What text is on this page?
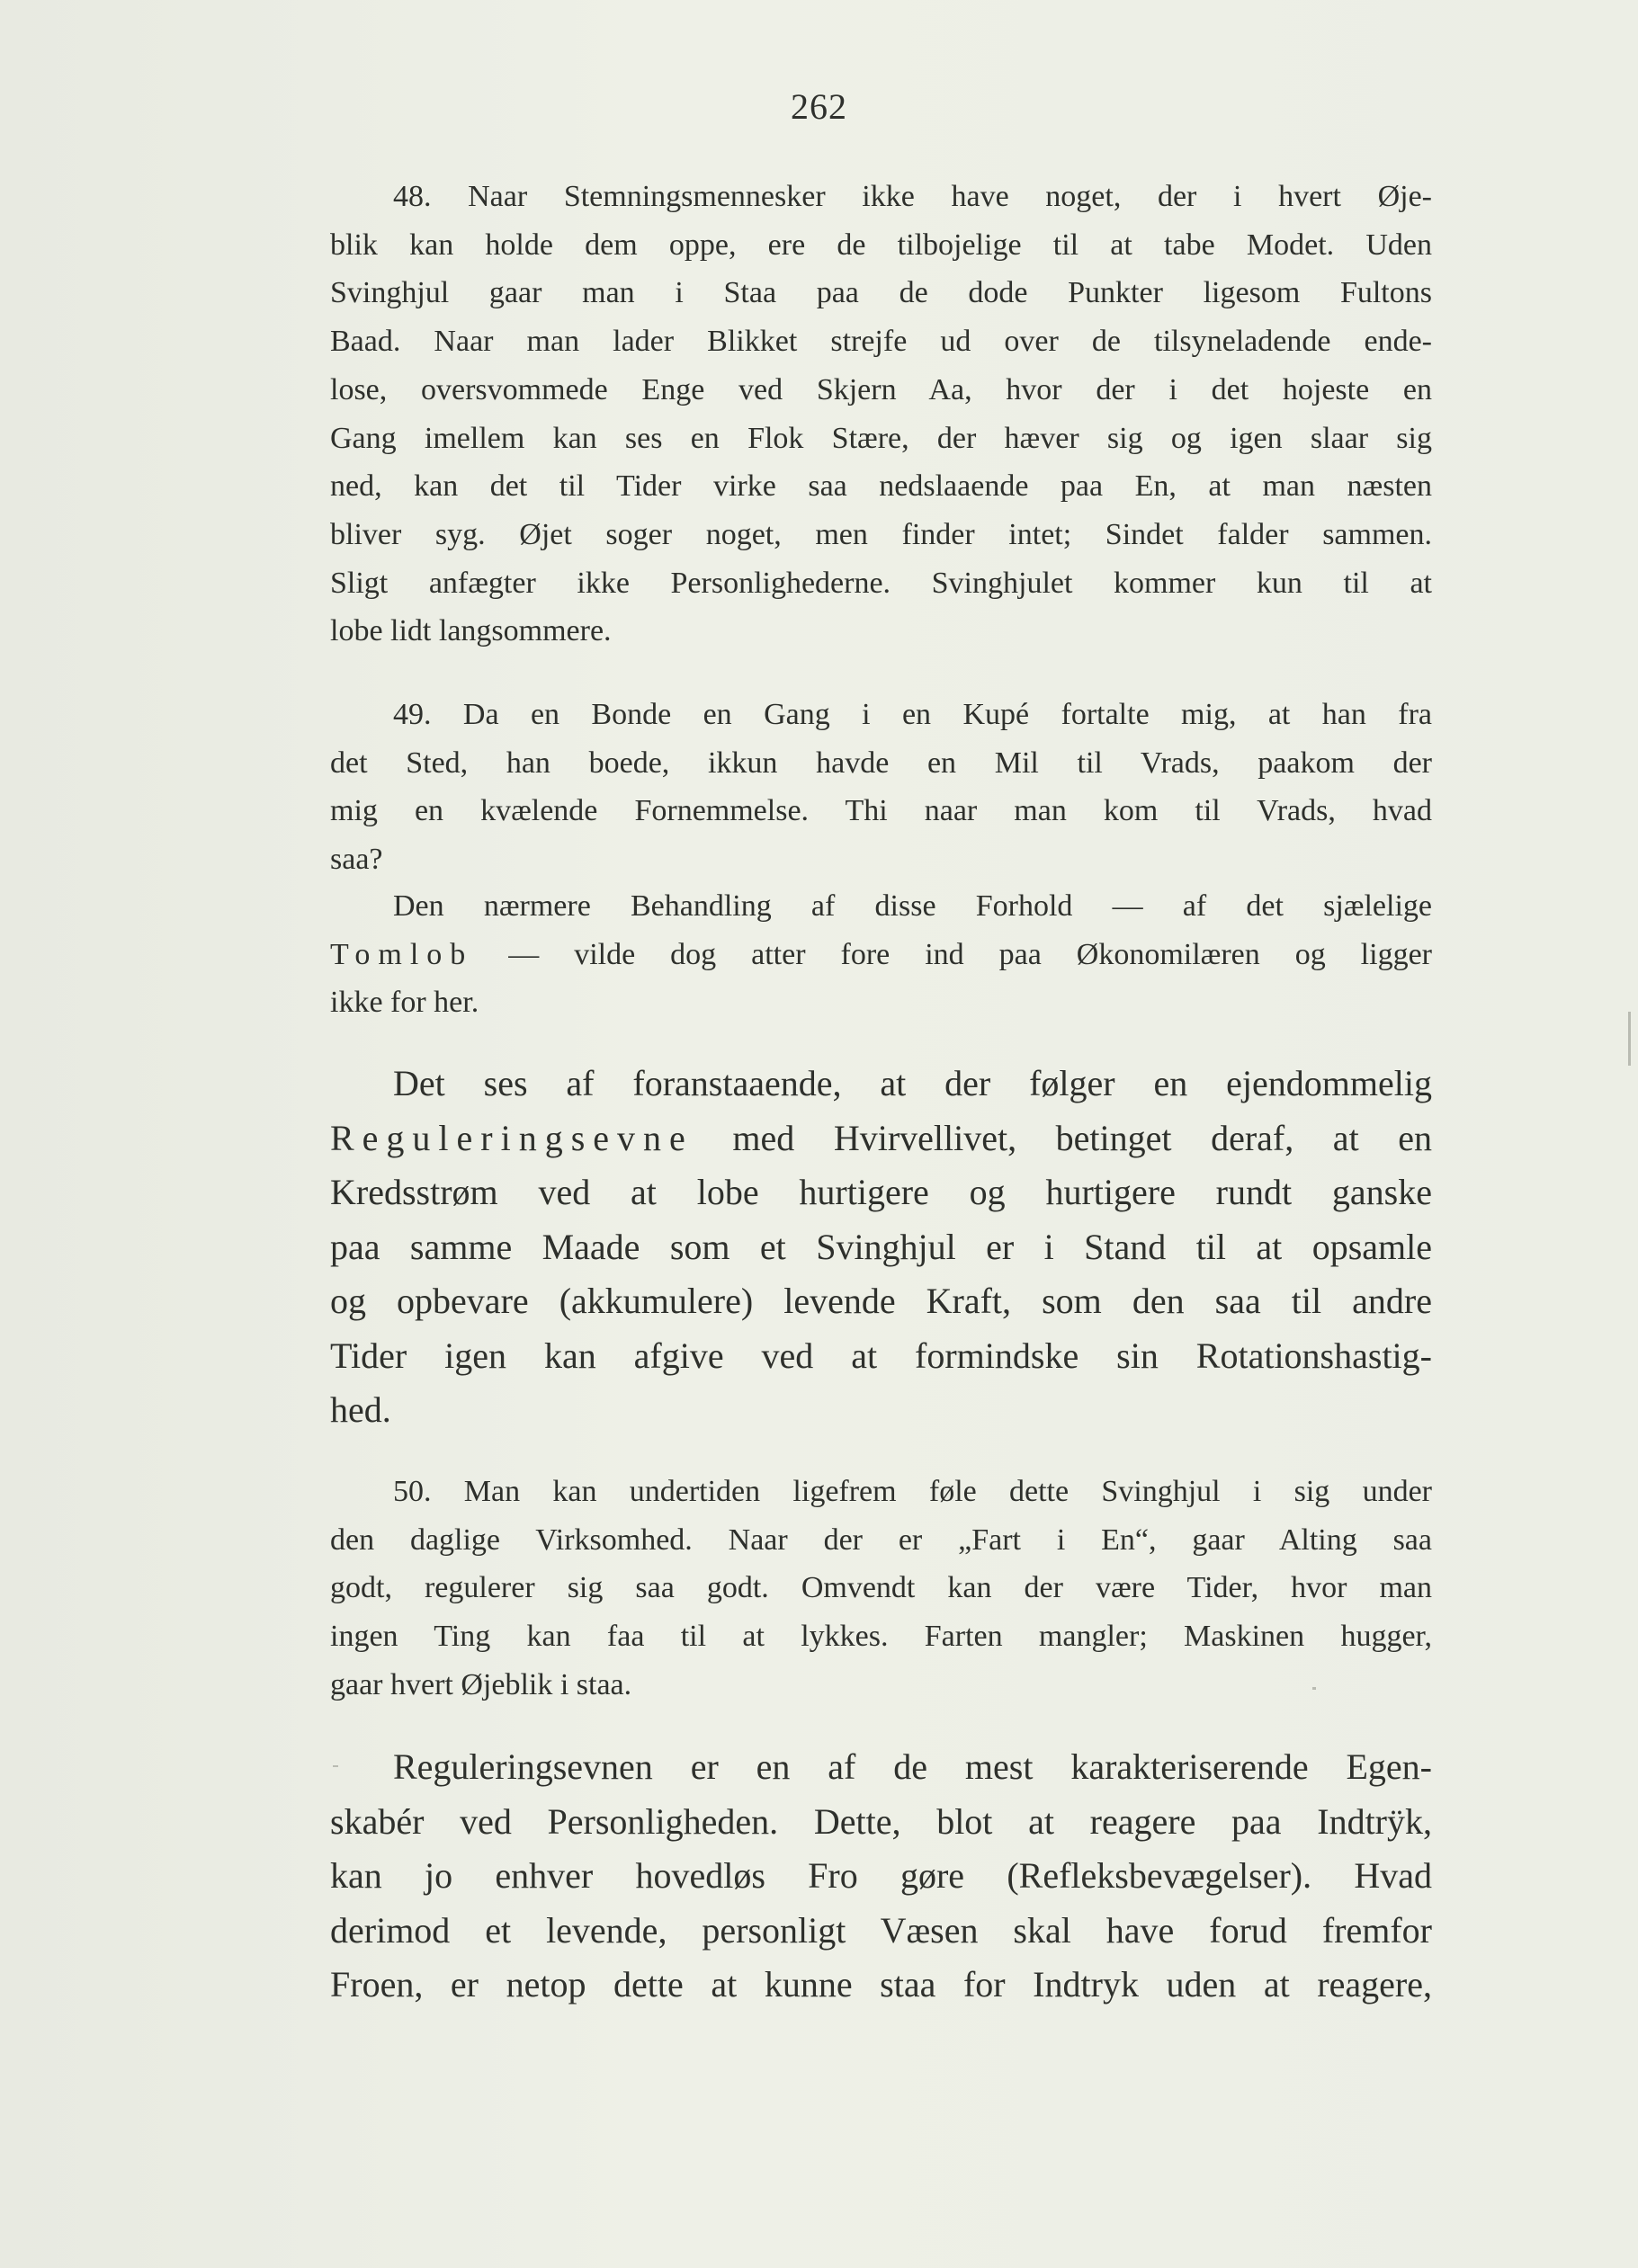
262
48. Naar Stemningsmennesker ikke have noget, der i hvert Øje-
blik kan holde dem oppe, ere de tilbojelige til at tabe Modet. Uden
Svinghjul gaar man i Staa paa de dode Punkter ligesom Fultons
Baad. Naar man lader Blikket strejfe ud over de tilsyneladende ende-
lose, oversvommede Enge ved Skjern Aa, hvor der i det hojeste en
Gang imellem kan ses en Flok Stære, der hæver sig og igen slaar sig
ned, kan det til Tider virke saa nedslaaende paa En, at man næsten
bliver syg. Øjet soger noget, men finder intet; Sindet falder sammen.
Sligt anfægter ikke Personlighederne. Svinghjulet kommer kun til at
lobe lidt langsommere.
49. Da en Bonde en Gang i en Kupé fortalte mig, at han fra
det Sted, han boede, ikkun havde en Mil til Vrads, paakom der
mig en kvælende Fornemmelse. Thi naar man kom til Vrads, hvad
saa?
Den nærmere Behandling af disse Forhold — af det sjælelige
Tomlob — vilde dog atter fore ind paa Økonomilæren og ligger
ikke for her.
Det ses af foranstaaende, at der følger en ejendommelig
Reguleringsevne med Hvirvellivet, betinget deraf, at en
Kredsstrøm ved at lobe hurtigere og hurtigere rundt ganske
paa samme Maade som et Svinghjul er i Stand til at opsamle
og opbevare (akkumulere) levende Kraft, som den saa til andre
Tider igen kan afgive ved at formindske sin Rotationshastig-
hed.
50. Man kan undertiden ligefrem føle dette Svinghjul i sig under
den daglige Virksomhed. Naar der er „Fart i En“, gaar Alting saa
godt, regulerer sig saa godt. Omvendt kan der være Tider, hvor man
ingen Ting kan faa til at lykkes. Farten mangler; Maskinen hugger,
gaar hvert Øjeblik i staa.
Reguleringsevnen er en af de mest karakteriserende Egen-
skabér ved Personligheden. Dette, blot at reagere paa Indtrÿk,
kan jo enhver hovedløs Fro gøre (Refleksbevægelser). Hvad
derimod et levende, personligt Væsen skal have forud fremfor
Froen, er netop dette at kunne staa for Indtryk uden at reagere,
